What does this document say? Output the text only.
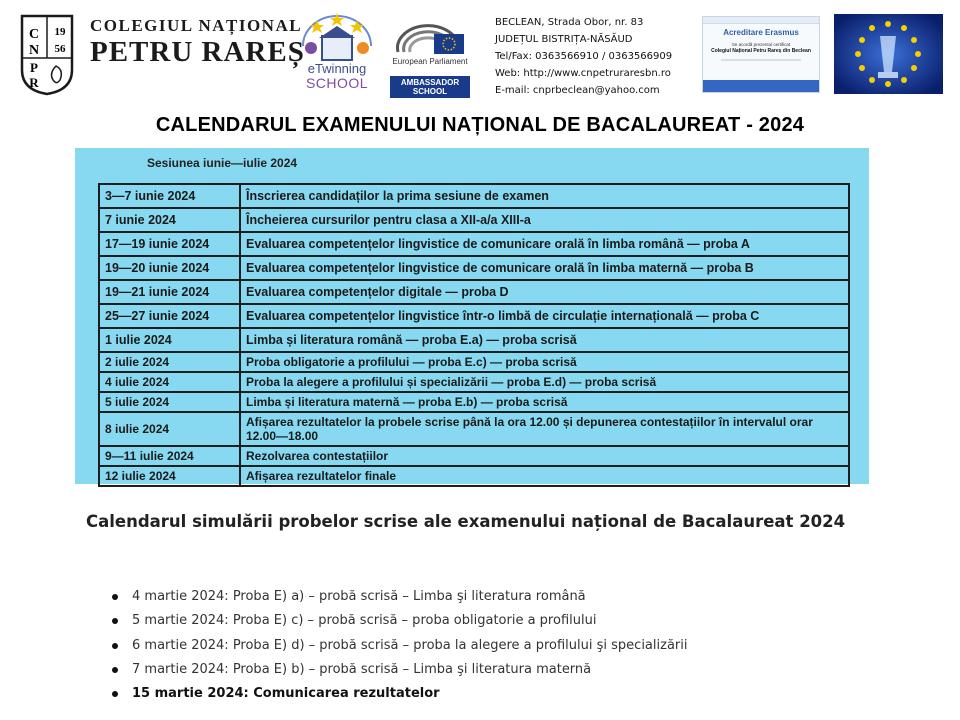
C
N
19
56
P
R
COLEGIUL NAȚIONAL
PETRU RAREȘ
eTwinning
SCHOOL
European Parliament
AMBASSADOR SCHOOL
BECLEAN, Strada Obor, nr. 83
JUDEȚUL BISTRIȚA-NĂSĂUD
Tel/Fax: 0363566910 / 0363566909
Web: http://www.cnpetruraresbn.ro
E-mail: cnprbeclean@yahoo.com
Acreditare Erasmus
Se acordă prezentul certificat
Colegiul Național Petru Rareș din Beclean
CALENDARUL EXAMENULUI NAȚIONAL DE BACALAUREAT - 2024
Sesiunea iunie—iulie 2024
3—7 iunie 2024	Înscrierea candidaților la prima sesiune de examen
7 iunie 2024	Încheierea cursurilor pentru clasa a XII-a/a XIII-a
17—19 iunie 2024	Evaluarea competențelor lingvistice de comunicare orală în limba română — proba A
19—20 iunie 2024	Evaluarea competențelor lingvistice de comunicare orală în limba maternă — proba B
19—21 iunie 2024	Evaluarea competențelor digitale — proba D
25—27 iunie 2024	Evaluarea competențelor lingvistice într-o limbă de circulație internațională — proba C
1 iulie 2024	Limba și literatura română — proba E.a) — proba scrisă
2 iulie 2024	Proba obligatorie a profilului — proba E.c) — proba scrisă
4 iulie 2024	Proba la alegere a profilului și specializării — proba E.d) — proba scrisă
5 iulie 2024	Limba și literatura maternă — proba E.b) — proba scrisă
8 iulie 2024	Afișarea rezultatelor la probele scrise până la ora 12.00 și depunerea contestațiilor în intervalul orar 12.00—18.00
9—11 iulie 2024	Rezolvarea contestațiilor
12 iulie 2024	Afișarea rezultatelor finale
Calendarul simulării probelor scrise ale examenului național de Bacalaureat 2024
4 martie 2024: Proba E) a) – probă scrisă – Limba şi literatura română
5 martie 2024: Proba E) c) – probă scrisă – proba obligatorie a profilului
6 martie 2024: Proba E) d) – probă scrisă – proba la alegere a profilului şi specializării
7 martie 2024: Proba E) b) – probă scrisă – Limba şi literatura maternă
15 martie 2024: Comunicarea rezultatelor
